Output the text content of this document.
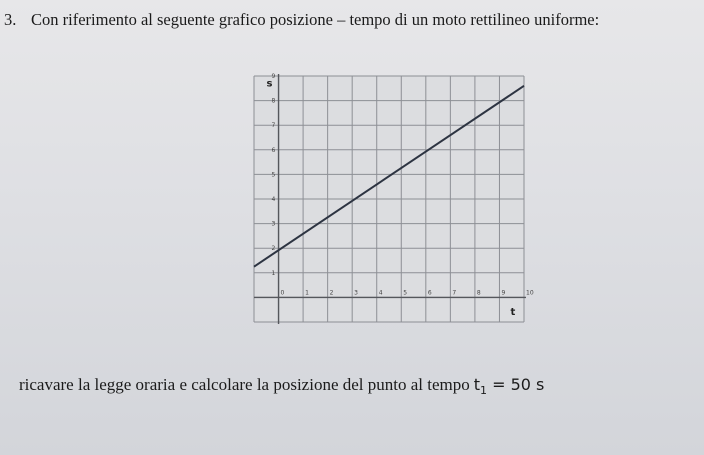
3. Con riferimento al seguente grafico posizione – tempo di un moto rettilineo uniforme:
0	1	2	3	4	5	6	7	8	9	10
1
2
3
4
5
6
7
8
9
s
t
ricavare la legge oraria e calcolare la posizione del punto al tempo $t_1 = 50$ s
